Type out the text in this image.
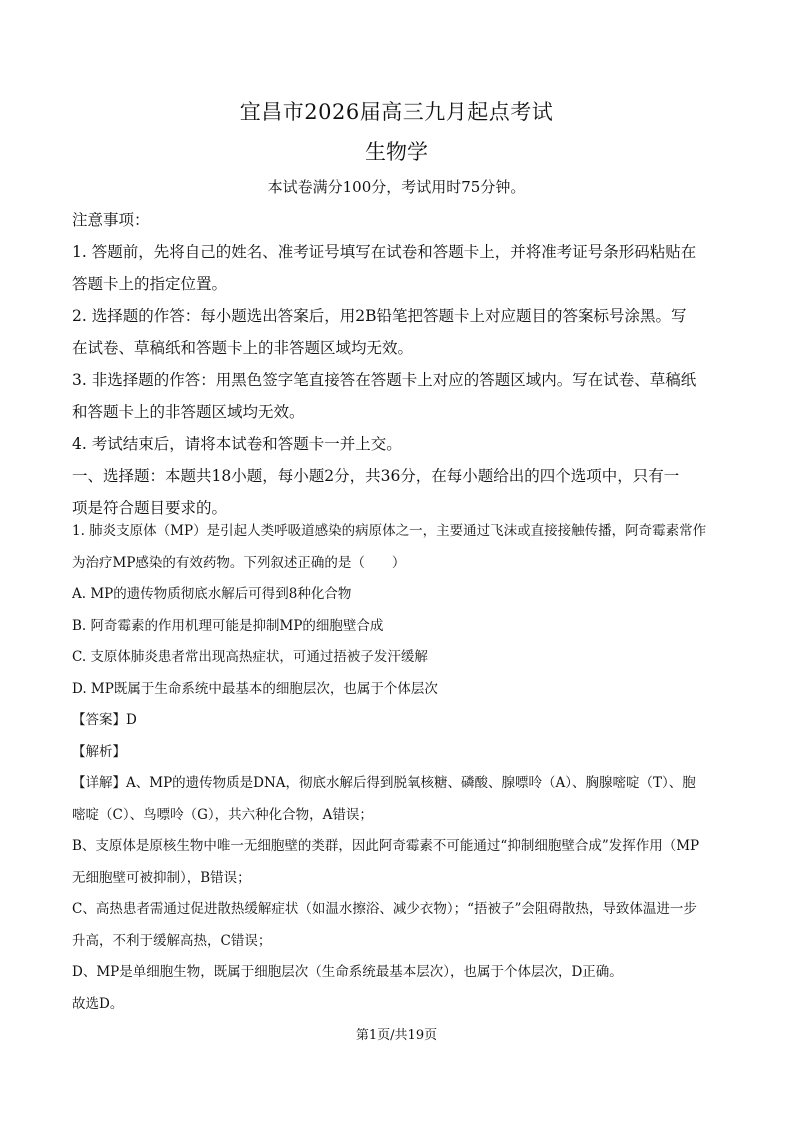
宜昌市2026届高三九月起点考试
生物学
本试卷满分100分，考试用时75分钟。
注意事项：
1. 答题前，先将自己的姓名、准考证号填写在试卷和答题卡上，并将准考证号条形码粘贴在
答题卡上的指定位置。
2. 选择题的作答：每小题选出答案后，用2B铅笔把答题卡上对应题目的答案标号涂黑。写
在试卷、草稿纸和答题卡上的非答题区域均无效。
3. 非选择题的作答：用黑色签字笔直接答在答题卡上对应的答题区域内。写在试卷、草稿纸
和答题卡上的非答题区域均无效。
4. 考试结束后，请将本试卷和答题卡一并上交。
一、选择题：本题共18小题，每小题2分，共36分，在每小题给出的四个选项中，只有一
项是符合题目要求的。
1. 肺炎支原体（MP）是引起人类呼吸道感染的病原体之一，主要通过飞沫或直接接触传播，阿奇霉素常作
为治疗MP感染的有效药物。下列叙述正确的是（　　）
A. MP的遗传物质彻底水解后可得到8种化合物
B. 阿奇霉素的作用机理可能是抑制MP的细胞壁合成
C. 支原体肺炎患者常出现高热症状，可通过捂被子发汗缓解
D. MP既属于生命系统中最基本的细胞层次，也属于个体层次
【答案】D
【解析】
【详解】A、MP的遗传物质是DNA，彻底水解后得到脱氧核糖、磷酸、腺嘌呤（A）、胸腺嘧啶（T）、胞
嘧啶（C）、鸟嘌呤（G），共六种化合物，A错误；
B、支原体是原核生物中唯一无细胞壁的类群，因此阿奇霉素不可能通过“抑制细胞壁合成”发挥作用（MP
无细胞壁可被抑制），B错误；
C、高热患者需通过促进散热缓解症状（如温水擦浴、减少衣物）；“捂被子”会阻碍散热，导致体温进一步
升高，不利于缓解高热，C错误；
D、MP是单细胞生物，既属于细胞层次（生命系统最基本层次），也属于个体层次，D正确。
故选D。
第1页/共19页
